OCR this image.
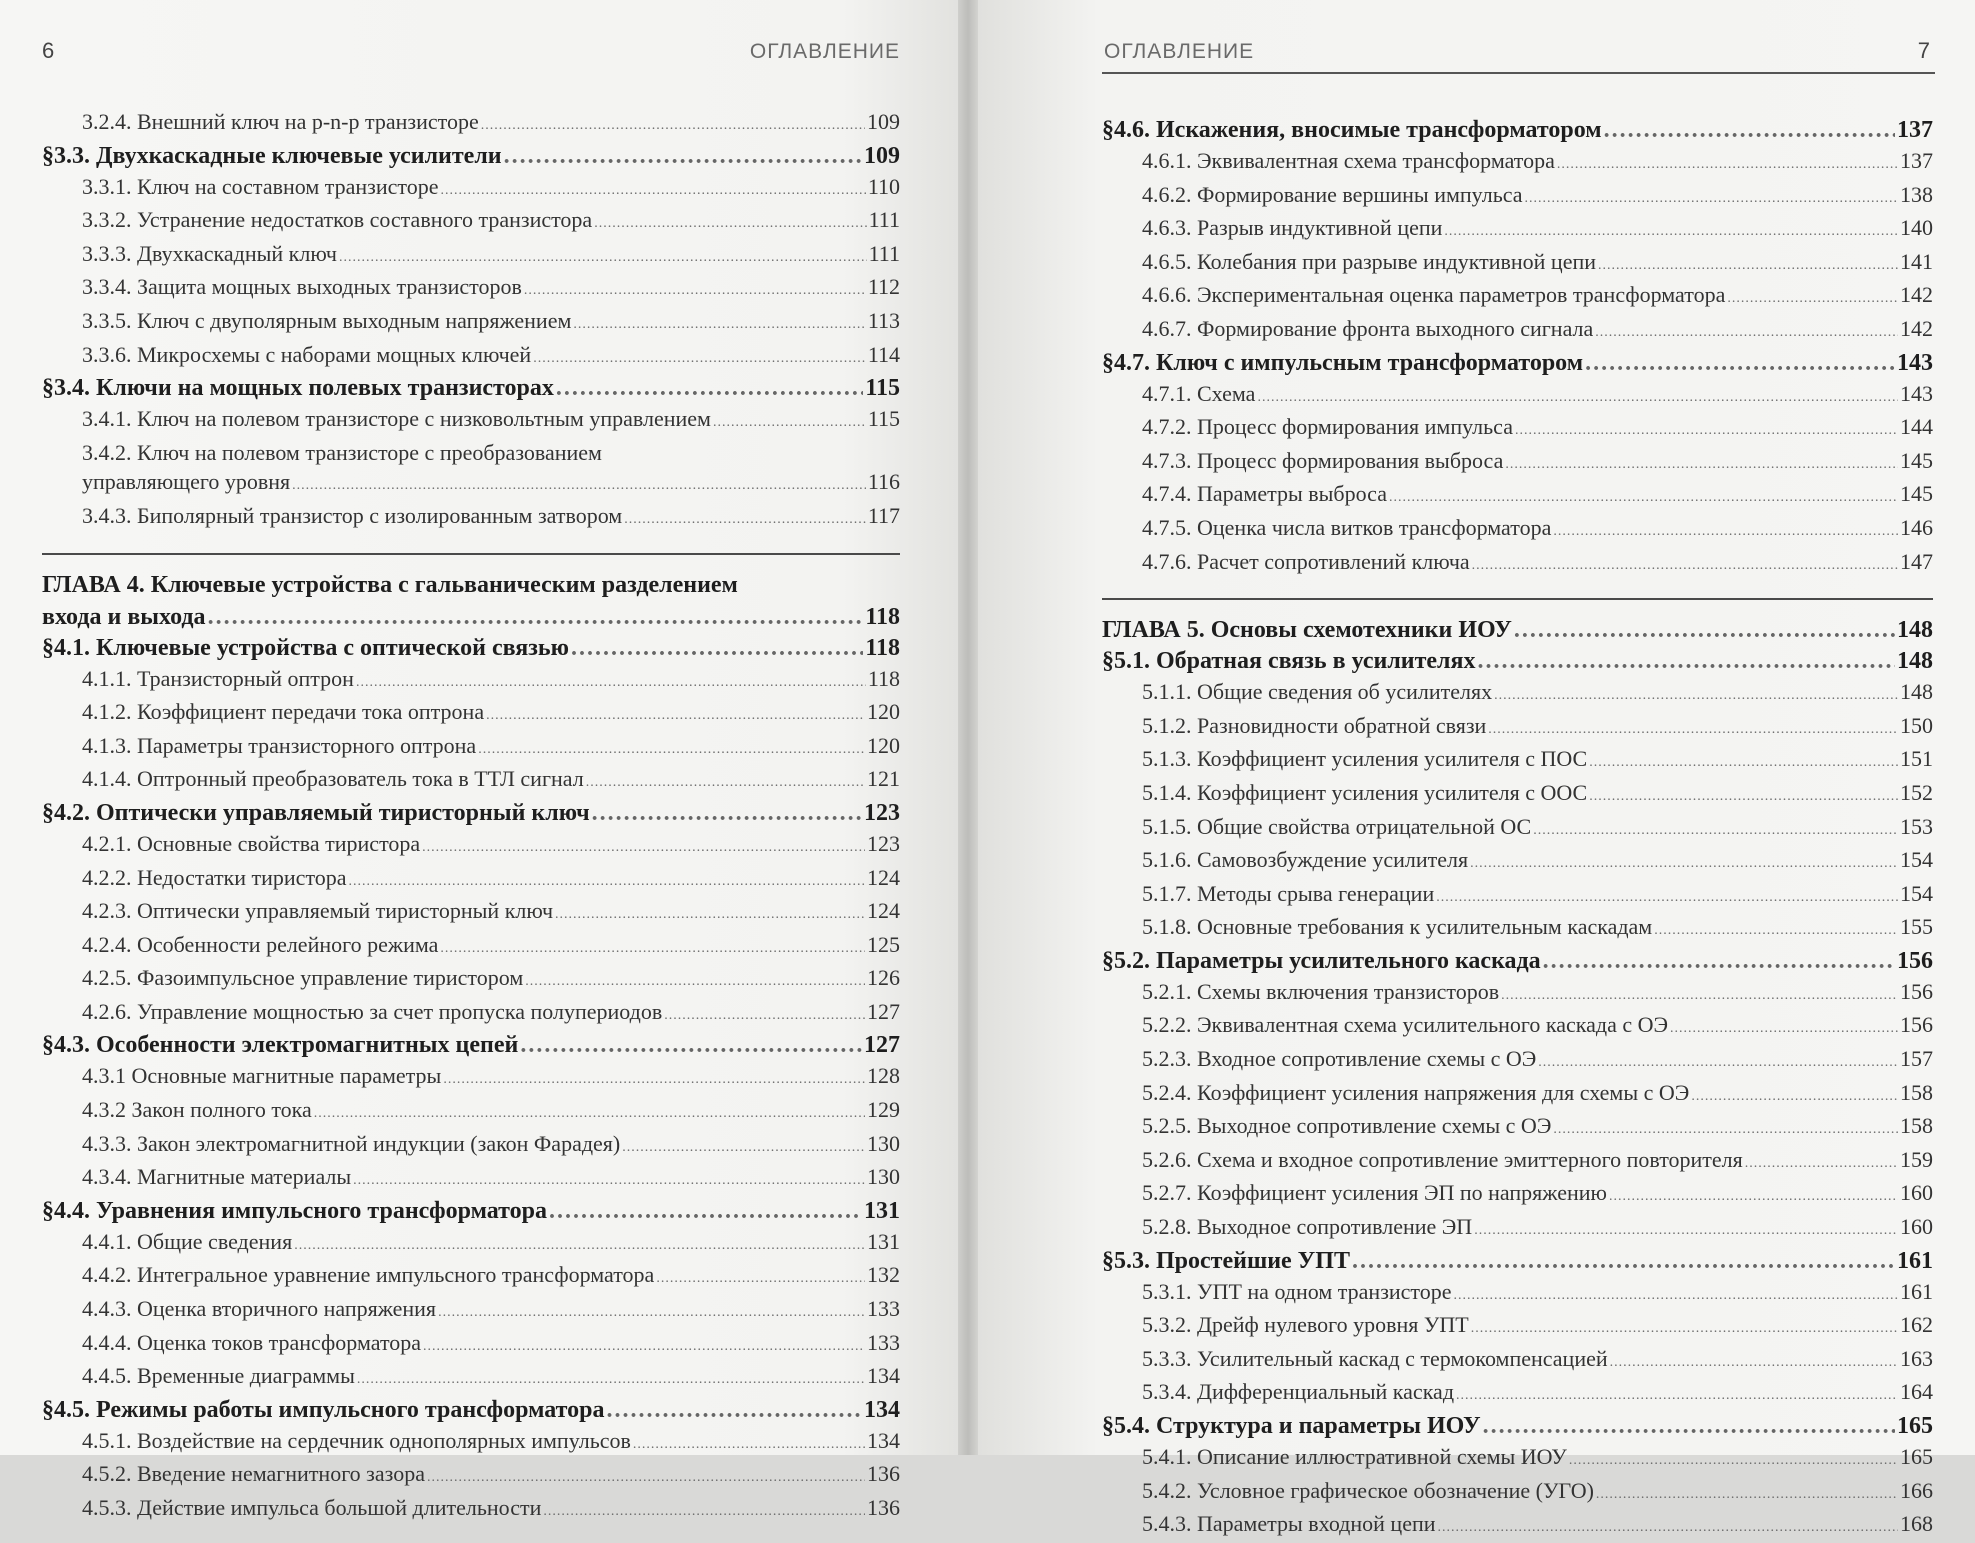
6	ОГЛАВЛЕНИЕ
3.2.4. Внешний ключ на p-n-p транзисторе .....	109
§3.3. Двухкаскадные ключевые усилители .....	109
3.3.1. Ключ на составном транзисторе .....	110
3.3.2. Устранение недостатков составного транзистора .....	111
3.3.3. Двухкаскадный ключ .....	111
3.3.4. Защита мощных выходных транзисторов .....	112
3.3.5. Ключ с двуполярным выходным напряжением .....	113
3.3.6. Микросхемы с наборами мощных ключей .....	114
§3.4. Ключи на мощных полевых транзисторах .....	115
3.4.1. Ключ на полевом транзисторе с низковольтным управлением .....	115
3.4.2. Ключ на полевом транзисторе с преобразованием
управляющего уровня .....	116
3.4.3. Биполярный транзистор с изолированным затвором .....	117
ГЛАВА 4. Ключевые устройства с гальваническим разделением
входа и выхода .....	118
§4.1. Ключевые устройства с оптической связью .....	118
4.1.1. Транзисторный оптрон .....	118
4.1.2. Коэффициент передачи тока оптрона .....	120
4.1.3. Параметры транзисторного оптрона .....	120
4.1.4. Оптронный преобразователь тока в ТТЛ сигнал .....	121
§4.2. Оптически управляемый тиристорный ключ .....	123
4.2.1. Основные свойства тиристора .....	123
4.2.2. Недостатки тиристора .....	124
4.2.3. Оптически управляемый тиристорный ключ .....	124
4.2.4. Особенности релейного режима .....	125
4.2.5. Фазоимпульсное управление тиристором .....	126
4.2.6. Управление мощностью за счет пропуска полупериодов .....	127
§4.3. Особенности электромагнитных цепей .....	127
4.3.1 Основные магнитные параметры .....	128
4.3.2 Закон полного тока .....	129
4.3.3. Закон электромагнитной индукции (закон Фарадея) .....	130
4.3.4. Магнитные материалы .....	130
§4.4. Уравнения импульсного трансформатора .....	131
4.4.1. Общие сведения .....	131
4.4.2. Интегральное уравнение импульсного трансформатора .....	132
4.4.3. Оценка вторичного напряжения .....	133
4.4.4. Оценка токов трансформатора .....	133
4.4.5. Временные диаграммы .....	134
§4.5. Режимы работы импульсного трансформатора .....	134
4.5.1. Воздействие на сердечник однополярных импульсов .....	134
4.5.2. Введение немагнитного зазора .....	136
4.5.3. Действие импульса большой длительности .....	136
ОГЛАВЛЕНИЕ	7
§4.6. Искажения, вносимые трансформатором .....	137
4.6.1. Эквивалентная схема трансформатора .....	137
4.6.2. Формирование вершины импульса .....	138
4.6.3. Разрыв индуктивной цепи .....	140
4.6.5. Колебания при разрыве индуктивной цепи .....	141
4.6.6. Экспериментальная оценка параметров трансформатора .....	142
4.6.7. Формирование фронта выходного сигнала .....	142
§4.7. Ключ с импульсным трансформатором .....	143
4.7.1. Схема .....	143
4.7.2. Процесс формирования импульса .....	144
4.7.3. Процесс формирования выброса .....	145
4.7.4. Параметры выброса .....	145
4.7.5. Оценка числа витков трансформатора .....	146
4.7.6. Расчет сопротивлений ключа .....	147
ГЛАВА 5. Основы схемотехники ИОУ .....	148
§5.1. Обратная связь в усилителях .....	148
5.1.1. Общие сведения об усилителях .....	148
5.1.2. Разновидности обратной связи .....	150
5.1.3. Коэффициент усиления усилителя с ПОС .....	151
5.1.4. Коэффициент усиления усилителя с ООС .....	152
5.1.5. Общие свойства отрицательной ОС .....	153
5.1.6. Самовозбуждение усилителя .....	154
5.1.7. Методы срыва генерации .....	154
5.1.8. Основные требования к усилительным каскадам .....	155
§5.2. Параметры усилительного каскада .....	156
5.2.1. Схемы включения транзисторов .....	156
5.2.2. Эквивалентная схема усилительного каскада с ОЭ .....	156
5.2.3. Входное сопротивление схемы с ОЭ .....	157
5.2.4. Коэффициент усиления напряжения для схемы с ОЭ .....	158
5.2.5. Выходное сопротивление схемы с ОЭ .....	158
5.2.6. Схема и входное сопротивление эмиттерного повторителя .....	159
5.2.7. Коэффициент усиления ЭП по напряжению .....	160
5.2.8. Выходное сопротивление ЭП .....	160
§5.3. Простейшие УПТ .....	161
5.3.1. УПТ на одном транзисторе .....	161
5.3.2. Дрейф нулевого уровня УПТ .....	162
5.3.3. Усилительный каскад с термокомпенсацией .....	163
5.3.4. Дифференциальный каскад .....	164
§5.4. Структура и параметры ИОУ .....	165
5.4.1. Описание иллюстративной схемы ИОУ .....	165
5.4.2. Условное графическое обозначение (УГО) .....	166
5.4.3. Параметры входной цепи .....	168
